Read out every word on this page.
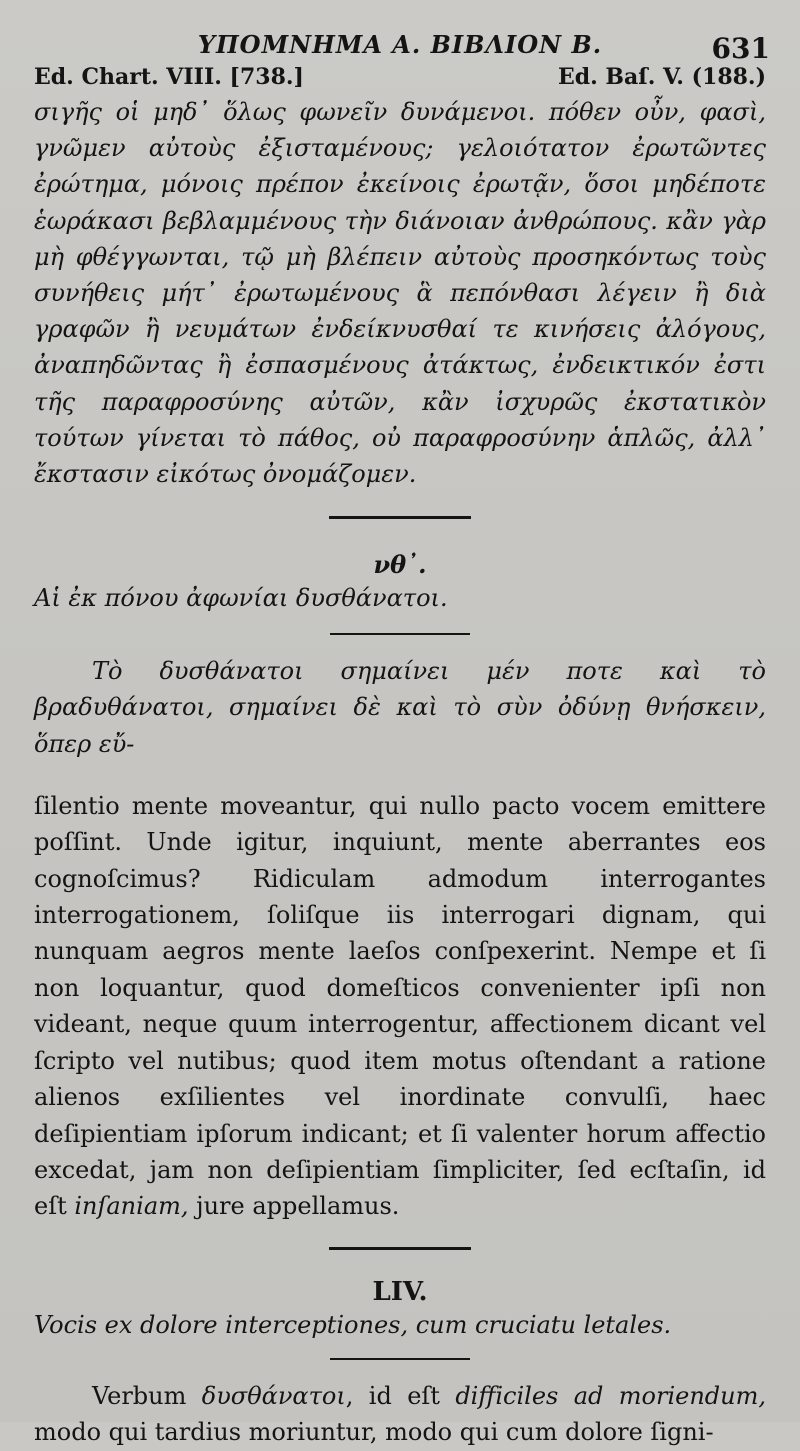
ΥΠΟΜΝΗΜΑ Α. ΒΙΒΛΙΟΝ Β.	631
Ed. Chart. VIII. [738.]	Ed. Baſ. V. (188.)

σιγῆς οἱ μηδ᾽ ὅλως φωνεῖν δυνάμενοι. πόθεν οὖν, φασὶ, γνῶμεν αὐτοὺς ἐξισταμένους; γελοιότατον ἐρωτῶντες ἐρώτημα, μόνοις πρέπον ἐκείνοις ἐρωτᾷν, ὅσοι μηδέποτε ἑωράκασι βεβλαμμένους τὴν διάνοιαν ἀνθρώπους. κἂν γὰρ μὴ φθέγγωνται, τῷ μὴ βλέπειν αὐτοὺς προσηκόντως τοὺς συνήθεις μήτ᾽ ἐρωτωμένους ἃ πεπόνθασι λέγειν ἢ διὰ γραφῶν ἢ νευμάτων ἐνδείκνυσθαί τε κινήσεις ἀλόγους, ἀναπηδῶντας ἢ ἐσπασμένους ἀτάκτως, ἐνδεικτικόν ἐστι τῆς παραφροσύνης αὐτῶν, κἂν ἰσχυρῶς ἐκστατικὸν τούτων γίνεται τὸ πάθος, οὐ παραφροσύνην ἁπλῶς, ἀλλ᾽ ἔκστασιν εἰκότως ὀνομάζομεν.

νθ᾽.

Αἱ ἐκ πόνου ἀφωνίαι δυσθάνατοι.

Τὸ δυσθάνατοι σημαίνει μέν ποτε καὶ τὸ βραδυθάνατοι, σημαίνει δὲ καὶ τὸ σὺν ὀδύνῃ θνήσκειν, ὅπερ εὔ-

ſilentio mente moveantur, qui nullo pacto vocem emittere poſſint. Unde igitur, inquiunt, mente aberrantes eos cognoſcimus? Ridiculam admodum interrogantes interrogationem, ſoliſque iis interrogari dignam, qui nunquam aegros mente laeſos conſpexerint. Nempe et ſi non loquantur, quod domeſticos convenienter ipſi non videant, neque quum interrogentur, affectionem dicant vel ſcripto vel nutibus; quod item motus oſtendant a ratione alienos exſilientes vel inordinate convulſi, haec deſipientiam ipſorum indicant; et ſi valenter horum affectio excedat, jam non deſipientiam ſimpliciter, ſed ecſtaſin, id eſt inſaniam, jure appellamus.

LIV.

Vocis ex dolore interceptiones, cum cruciatu letales.

Verbum δυσθάνατοι, id eſt difficiles ad moriendum, modo qui tardius moriuntur, modo qui cum dolore ſigni-
